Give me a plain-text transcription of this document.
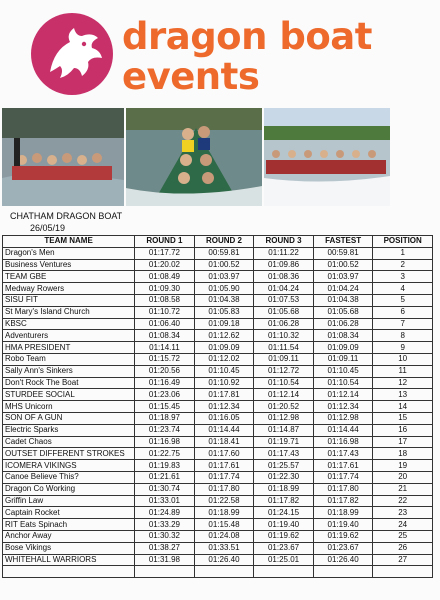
dragon boat
events
CHATHAM DRAGON BOAT
26/05/19
TEAM NAME	ROUND 1	ROUND 2	ROUND 3	FASTEST	POSITION
Dragon's Men	01:17.72	00:59.81	01:11.22	00:59.81	1
Business Ventures	01:20.02	01:00.52	01:09.86	01:00.52	2
TEAM GBE	01:08.49	01:03.97	01:08.36	01:03.97	3
Medway Rowers	01:09.30	01:05.90	01:04.24	01:04.24	4
SISU FIT	01:08.58	01:04.38	01:07.53	01:04.38	5
St Mary's Island Church	01:10.72	01:05.83	01:05.68	01:05.68	6
KBSC	01:06.40	01:09.18	01:06.28	01:06.28	7
Adventurers	01:08.34	01:12.62	01:10.32	01:08.34	8
HMA PRESIDENT	01:14.11	01:09.09	01:11.54	01:09.09	9
Robo Team	01:15.72	01:12.02	01:09.11	01:09.11	10
Sally Ann's Sinkers	01:20.56	01:10.45	01:12.72	01:10.45	11
Don't Rock The Boat	01:16.49	01:10.92	01:10.54	01:10.54	12
STURDEE SOCIAL	01:23.06	01:17.81	01:12.14	01:12.14	13
MHS Unicorn	01:15.45	01:12.34	01:20.52	01:12.34	14
SON OF A GUN	01:18.97	01:16.05	01:12.98	01:12.98	15
Electric Sparks	01:23.74	01:14.44	01:14.87	01:14.44	16
Cadet Chaos	01:16.98	01:18.41	01:19.71	01:16.98	17
OUTSET DIFFERENT STROKES	01:22.75	01:17.60	01:17.43	01:17.43	18
ICOMERA VIKINGS	01:19.83	01:17.61	01:25.57	01:17.61	19
Canoe Believe This?	01:21.61	01:17.74	01:22.30	01:17.74	20
Dragon Co Working	01:30.74	01:17.80	01:18.99	01:17.80	21
Griffin Law	01:33.01	01:22.58	01:17.82	01:17.82	22
Captain Rocket	01:24.89	01:18.99	01:24.15	01:18.99	23
RIT Eats Spinach	01:33.29	01:15.48	01:19.40	01:19.40	24
Anchor Away	01:30.32	01:24.08	01:19.62	01:19.62	25
Bose Vikings	01:38.27	01:33.51	01:23.67	01:23.67	26
WHITEHALL WARRIORS	01:31.98	01:26.40	01:25.01	01:26.40	27
